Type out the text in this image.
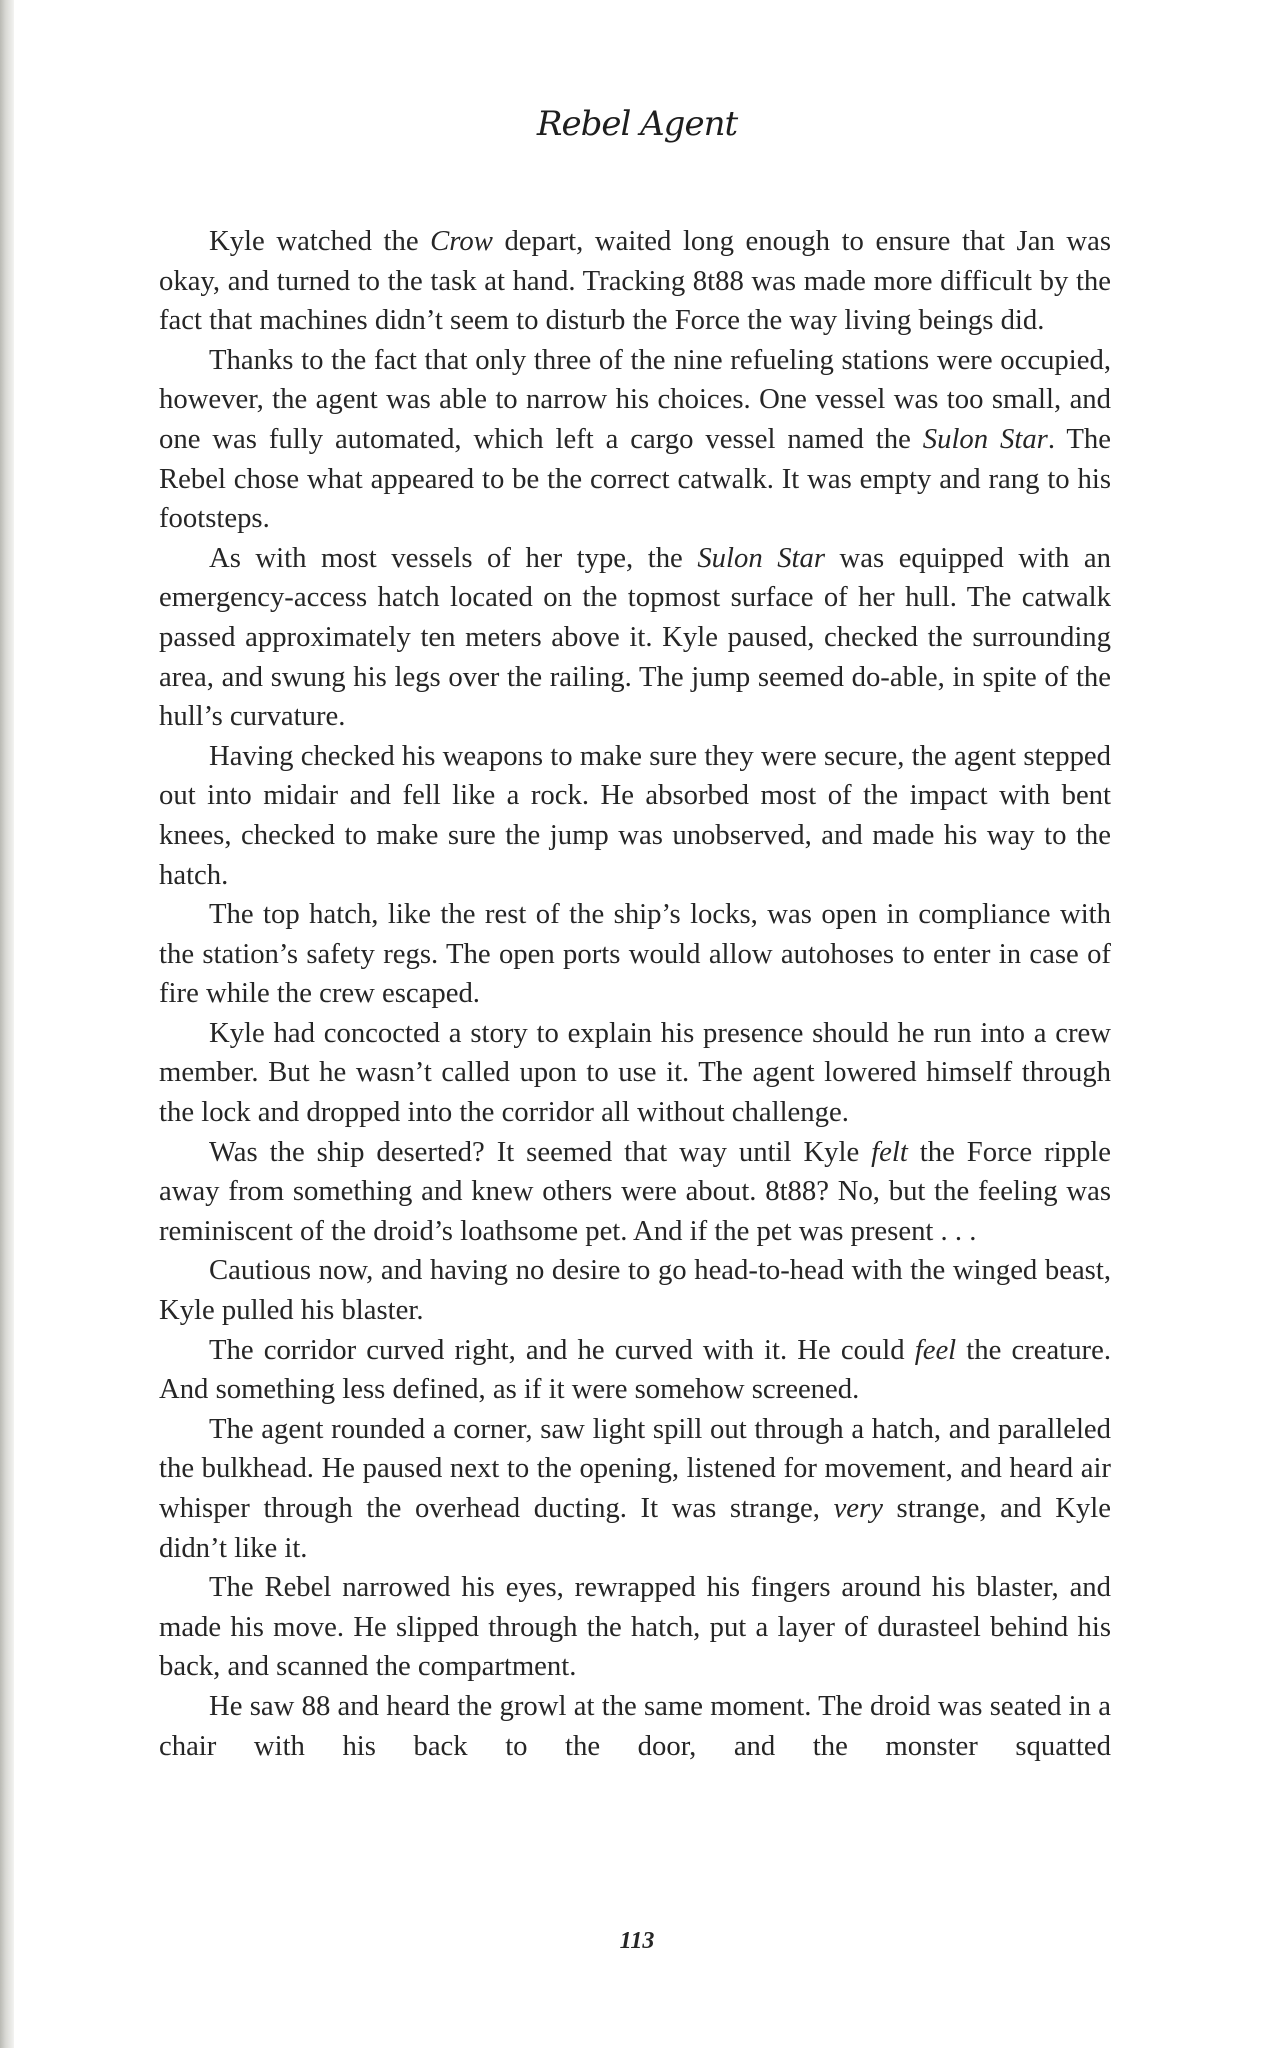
Rebel Agent

Kyle watched the Crow depart, waited long enough to ensure that Jan was okay, and turned to the task at hand. Tracking 8t88 was made more difficult by the fact that machines didn’t seem to disturb the Force the way living beings did.

Thanks to the fact that only three of the nine refueling stations were occupied, however, the agent was able to narrow his choices. One vessel was too small, and one was fully automated, which left a cargo vessel named the Sulon Star. The Rebel chose what appeared to be the correct catwalk. It was empty and rang to his footsteps.

As with most vessels of her type, the Sulon Star was equipped with an emergency-access hatch located on the topmost surface of her hull. The catwalk passed approximately ten meters above it. Kyle paused, checked the surrounding area, and swung his legs over the railing. The jump seemed do-able, in spite of the hull’s curvature.

Having checked his weapons to make sure they were secure, the agent stepped out into midair and fell like a rock. He absorbed most of the impact with bent knees, checked to make sure the jump was unobserved, and made his way to the hatch.

The top hatch, like the rest of the ship’s locks, was open in compliance with the station’s safety regs. The open ports would allow autohoses to enter in case of fire while the crew escaped.

Kyle had concocted a story to explain his presence should he run into a crew member. But he wasn’t called upon to use it. The agent lowered himself through the lock and dropped into the corridor all without challenge.

Was the ship deserted? It seemed that way until Kyle felt the Force ripple away from something and knew others were about. 8t88? No, but the feeling was reminiscent of the droid’s loathsome pet. And if the pet was present . . .

Cautious now, and having no desire to go head-to-head with the winged beast, Kyle pulled his blaster.

The corridor curved right, and he curved with it. He could feel the creature. And something less defined, as if it were somehow screened.

The agent rounded a corner, saw light spill out through a hatch, and paralleled the bulkhead. He paused next to the opening, listened for movement, and heard air whisper through the overhead ducting. It was strange, very strange, and Kyle didn’t like it.

The Rebel narrowed his eyes, rewrapped his fingers around his blaster, and made his move. He slipped through the hatch, put a layer of durasteel behind his back, and scanned the compartment.

He saw 88 and heard the growl at the same moment. The droid was seated in a chair with his back to the door, and the monster squatted

113
